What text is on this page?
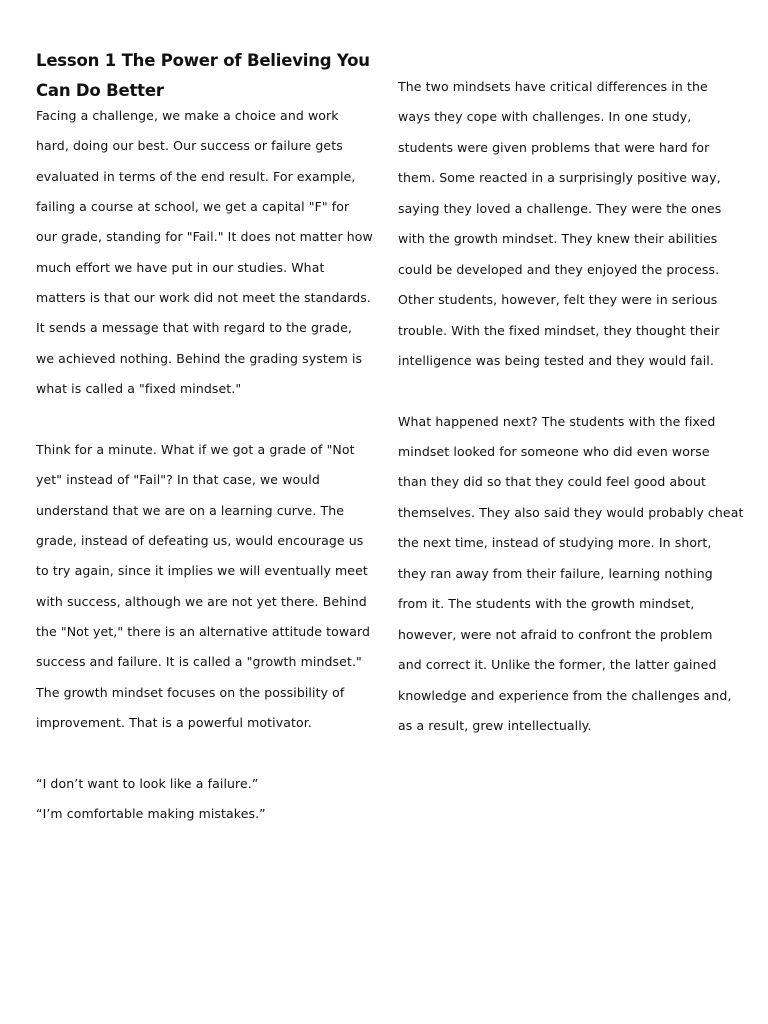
Lesson 1 The Power of Believing You
Can Do Better
Facing a challenge, we make a choice and work
hard, doing our best. Our success or failure gets
evaluated in terms of the end result. For example,
failing a course at school, we get a capital "F" for
our grade, standing for "Fail." It does not matter how
much effort we have put in our studies. What
matters is that our work did not meet the standards.
It sends a message that with regard to the grade,
we achieved nothing. Behind the grading system is
what is called a "fixed mindset."
Think for a minute. What if we got a grade of "Not
yet" instead of "Fail"? In that case, we would
understand that we are on a learning curve. The
grade, instead of defeating us, would encourage us
to try again, since it implies we will eventually meet
with success, although we are not yet there. Behind
the "Not yet," there is an alternative attitude toward
success and failure. It is called a "growth mindset."
The growth mindset focuses on the possibility of
improvement. That is a powerful motivator.
“I don’t want to look like a failure.”
“I’m comfortable making mistakes.”
The two mindsets have critical differences in the
ways they cope with challenges. In one study,
students were given problems that were hard for
them. Some reacted in a surprisingly positive way,
saying they loved a challenge. They were the ones
with the growth mindset. They knew their abilities
could be developed and they enjoyed the process.
Other students, however, felt they were in serious
trouble. With the fixed mindset, they thought their
intelligence was being tested and they would fail.
What happened next? The students with the fixed
mindset looked for someone who did even worse
than they did so that they could feel good about
themselves. They also said they would probably cheat
the next time, instead of studying more. In short,
they ran away from their failure, learning nothing
from it. The students with the growth mindset,
however, were not afraid to confront the problem
and correct it. Unlike the former, the latter gained
knowledge and experience from the challenges and,
as a result, grew intellectually.
